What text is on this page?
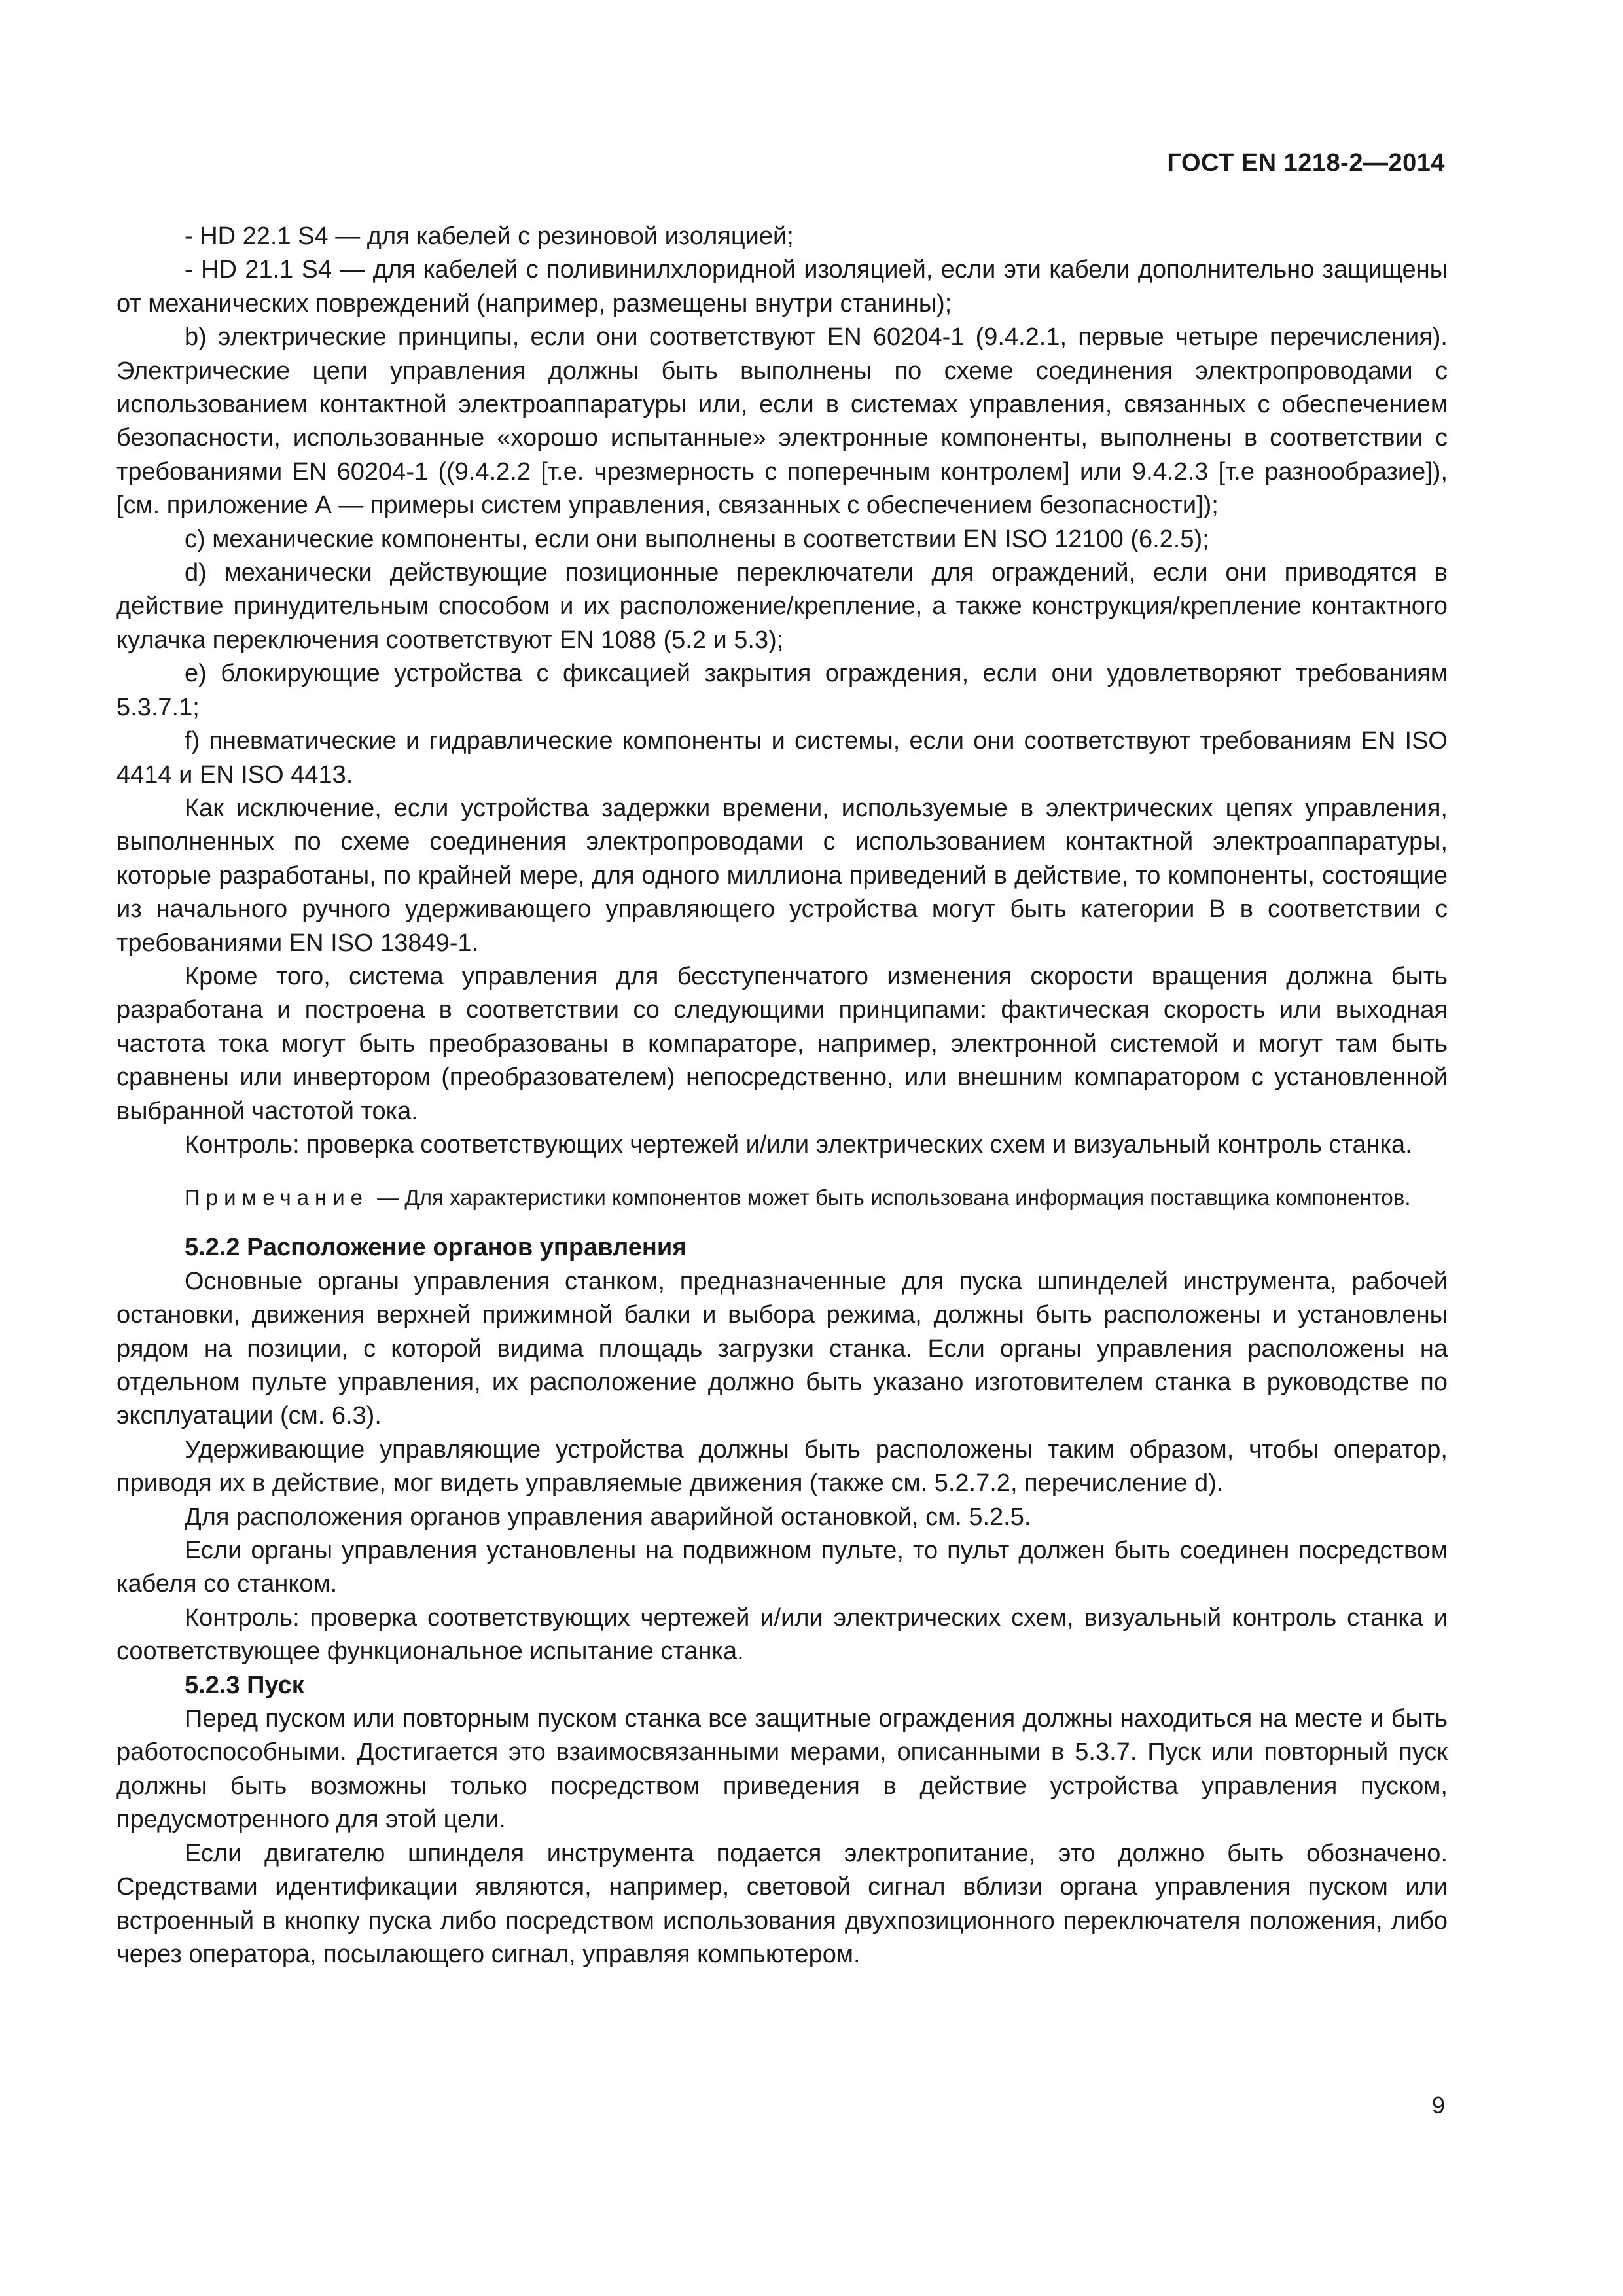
ГОСТ EN 1218-2—2014

- HD 22.1 S4 — для кабелей с резиновой изоляцией;

- HD 21.1 S4 — для кабелей с поливинилхлоридной изоляцией, если эти кабели дополнительно защищены от механических повреждений (например, размещены внутри станины);

b) электрические принципы, если они соответствуют EN 60204-1 (9.4.2.1, первые четыре перечисления). Электрические цепи управления должны быть выполнены по схеме соединения электропроводами с использованием контактной электроаппаратуры или, если в системах управления, связанных с обеспечением безопасности, использованные «хорошо испытанные» электронные компоненты, выполнены в соответствии с требованиями EN 60204-1 ((9.4.2.2 [т.е. чрезмерность с поперечным контролем] или 9.4.2.3 [т.е разнообразие]), [см. приложение А — примеры систем управления, связанных с обеспечением безопасности]);

c) механические компоненты, если они выполнены в соответствии EN ISO 12100 (6.2.5);

d) механически действующие позиционные переключатели для ограждений, если они приводятся в действие принудительным способом и их расположение/крепление, а также конструкция/крепление контактного кулачка переключения соответствуют EN 1088 (5.2 и 5.3);

e) блокирующие устройства с фиксацией закрытия ограждения, если они удовлетворяют требованиям 5.3.7.1;

f) пневматические и гидравлические компоненты и системы, если они соответствуют требованиям EN ISO 4414 и EN ISO 4413.

Как исключение, если устройства задержки времени, используемые в электрических цепях управления, выполненных по схеме соединения электропроводами с использованием контактной электроаппаратуры, которые разработаны, по крайней мере, для одного миллиона приведений в действие, то компоненты, состоящие из начального ручного удерживающего управляющего устройства могут быть категории В в соответствии с требованиями EN ISO 13849-1.

Кроме того, система управления для бесступенчатого изменения скорости вращения должна быть разработана и построена в соответствии со следующими принципами: фактическая скорость или выходная частота тока могут быть преобразованы в компараторе, например, электронной системой и могут там быть сравнены или инвертором (преобразователем) непосредственно, или внешним компаратором с установленной выбранной частотой тока.

Контроль: проверка соответствующих чертежей и/или электрических схем и визуальный контроль станка.

Примечание — Для характеристики компонентов может быть использована информация поставщика компонентов.

5.2.2 Расположение органов управления

Основные органы управления станком, предназначенные для пуска шпинделей инструмента, рабочей остановки, движения верхней прижимной балки и выбора режима, должны быть расположены и установлены рядом на позиции, с которой видима площадь загрузки станка. Если органы управления расположены на отдельном пульте управления, их расположение должно быть указано изготовителем станка в руководстве по эксплуатации (см. 6.3).

Удерживающие управляющие устройства должны быть расположены таким образом, чтобы оператор, приводя их в действие, мог видеть управляемые движения (также см. 5.2.7.2, перечисление d).

Для расположения органов управления аварийной остановкой, см. 5.2.5.

Если органы управления установлены на подвижном пульте, то пульт должен быть соединен посредством кабеля со станком.

Контроль: проверка соответствующих чертежей и/или электрических схем, визуальный контроль станка и соответствующее функциональное испытание станка.

5.2.3 Пуск

Перед пуском или повторным пуском станка все защитные ограждения должны находиться на месте и быть работоспособными. Достигается это взаимосвязанными мерами, описанными в 5.3.7. Пуск или повторный пуск должны быть возможны только посредством приведения в действие устройства управления пуском, предусмотренного для этой цели.

Если двигателю шпинделя инструмента подается электропитание, это должно быть обозначено. Средствами идентификации являются, например, световой сигнал вблизи органа управления пуском или встроенный в кнопку пуска либо посредством использования двухпозиционного переключателя положения, либо через оператора, посылающего сигнал, управляя компьютером.

9
